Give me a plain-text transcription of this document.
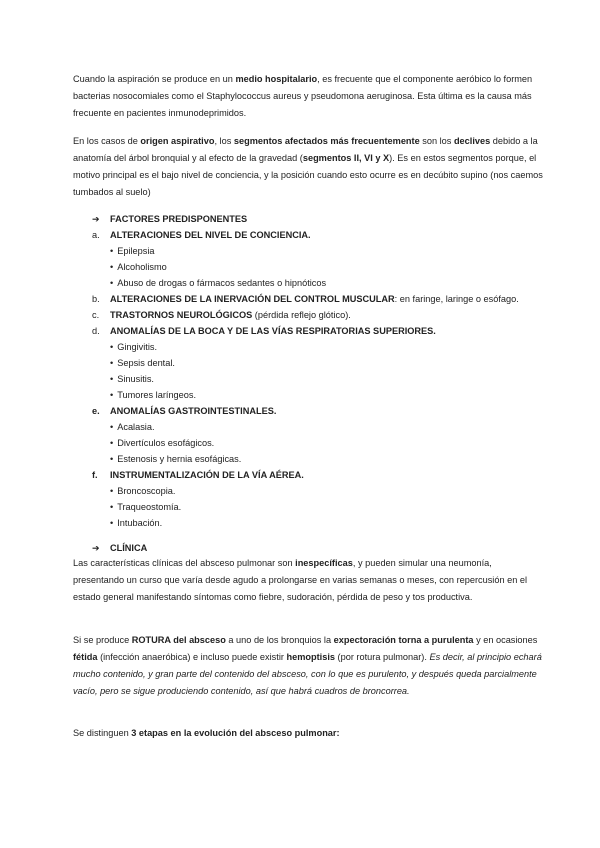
Cuando la aspiración se produce en un medio hospitalario, es frecuente que el componente aeróbico lo formen bacterias nosocomiales como el Staphylococcus aureus y pseudomona aeruginosa. Esta última es la causa más frecuente en pacientes inmunodeprimidos.

En los casos de origen aspirativo, los segmentos afectados más frecuentemente son los declives debido a la anatomía del árbol bronquial y al efecto de la gravedad (segmentos II, VI y X). Es en estos segmentos porque, el motivo principal es el bajo nivel de conciencia, y la posición cuando esto ocurre es en decúbito supino (nos caemos tumbados al suelo)

➔ FACTORES PREDISPONENTES
a.	ALTERACIONES DEL NIVEL DE CONCIENCIA.
• Epilepsia
• Alcoholismo
• Abuso de drogas o fármacos sedantes o hipnóticos
b.	ALTERACIONES DE LA INERVACIÓN DEL CONTROL MUSCULAR: en faringe, laringe o esófago.
c.	TRASTORNOS NEUROLÓGICOS (pérdida reflejo glótico).
d.	ANOMALÍAS DE LA BOCA Y DE LAS VÍAS RESPIRATORIAS SUPERIORES.
• Gingivitis.
• Sepsis dental.
• Sinusitis.
• Tumores laríngeos.
e.	ANOMALÍAS GASTROINTESTINALES.
• Acalasia.
• Divertículos esofágicos.
• Estenosis y hernia esofágicas.
f.	INSTRUMENTALIZACIÓN DE LA VÍA AÉREA.
• Broncoscopia.
• Traqueostomía.
• Intubación.
➔ CLÍNICA

Las características clínicas del absceso pulmonar son inespecíficas, y pueden simular una neumonía, presentando un curso que varía desde agudo a prolongarse en varias semanas o meses, con repercusión en el estado general manifestando síntomas como fiebre, sudoración, pérdida de peso y tos productiva.

Si se produce ROTURA del absceso a uno de los bronquios la expectoración torna a purulenta y en ocasiones fétida (infección anaeróbica) e incluso puede existir hemoptisis (por rotura pulmonar). Es decir, al principio echará mucho contenido, y gran parte del contenido del absceso, con lo que es purulento, y después queda parcialmente vacío, pero se sigue produciendo contenido, así que habrá cuadros de broncorrea.

Se distinguen 3 etapas en la evolución del absceso pulmonar:
